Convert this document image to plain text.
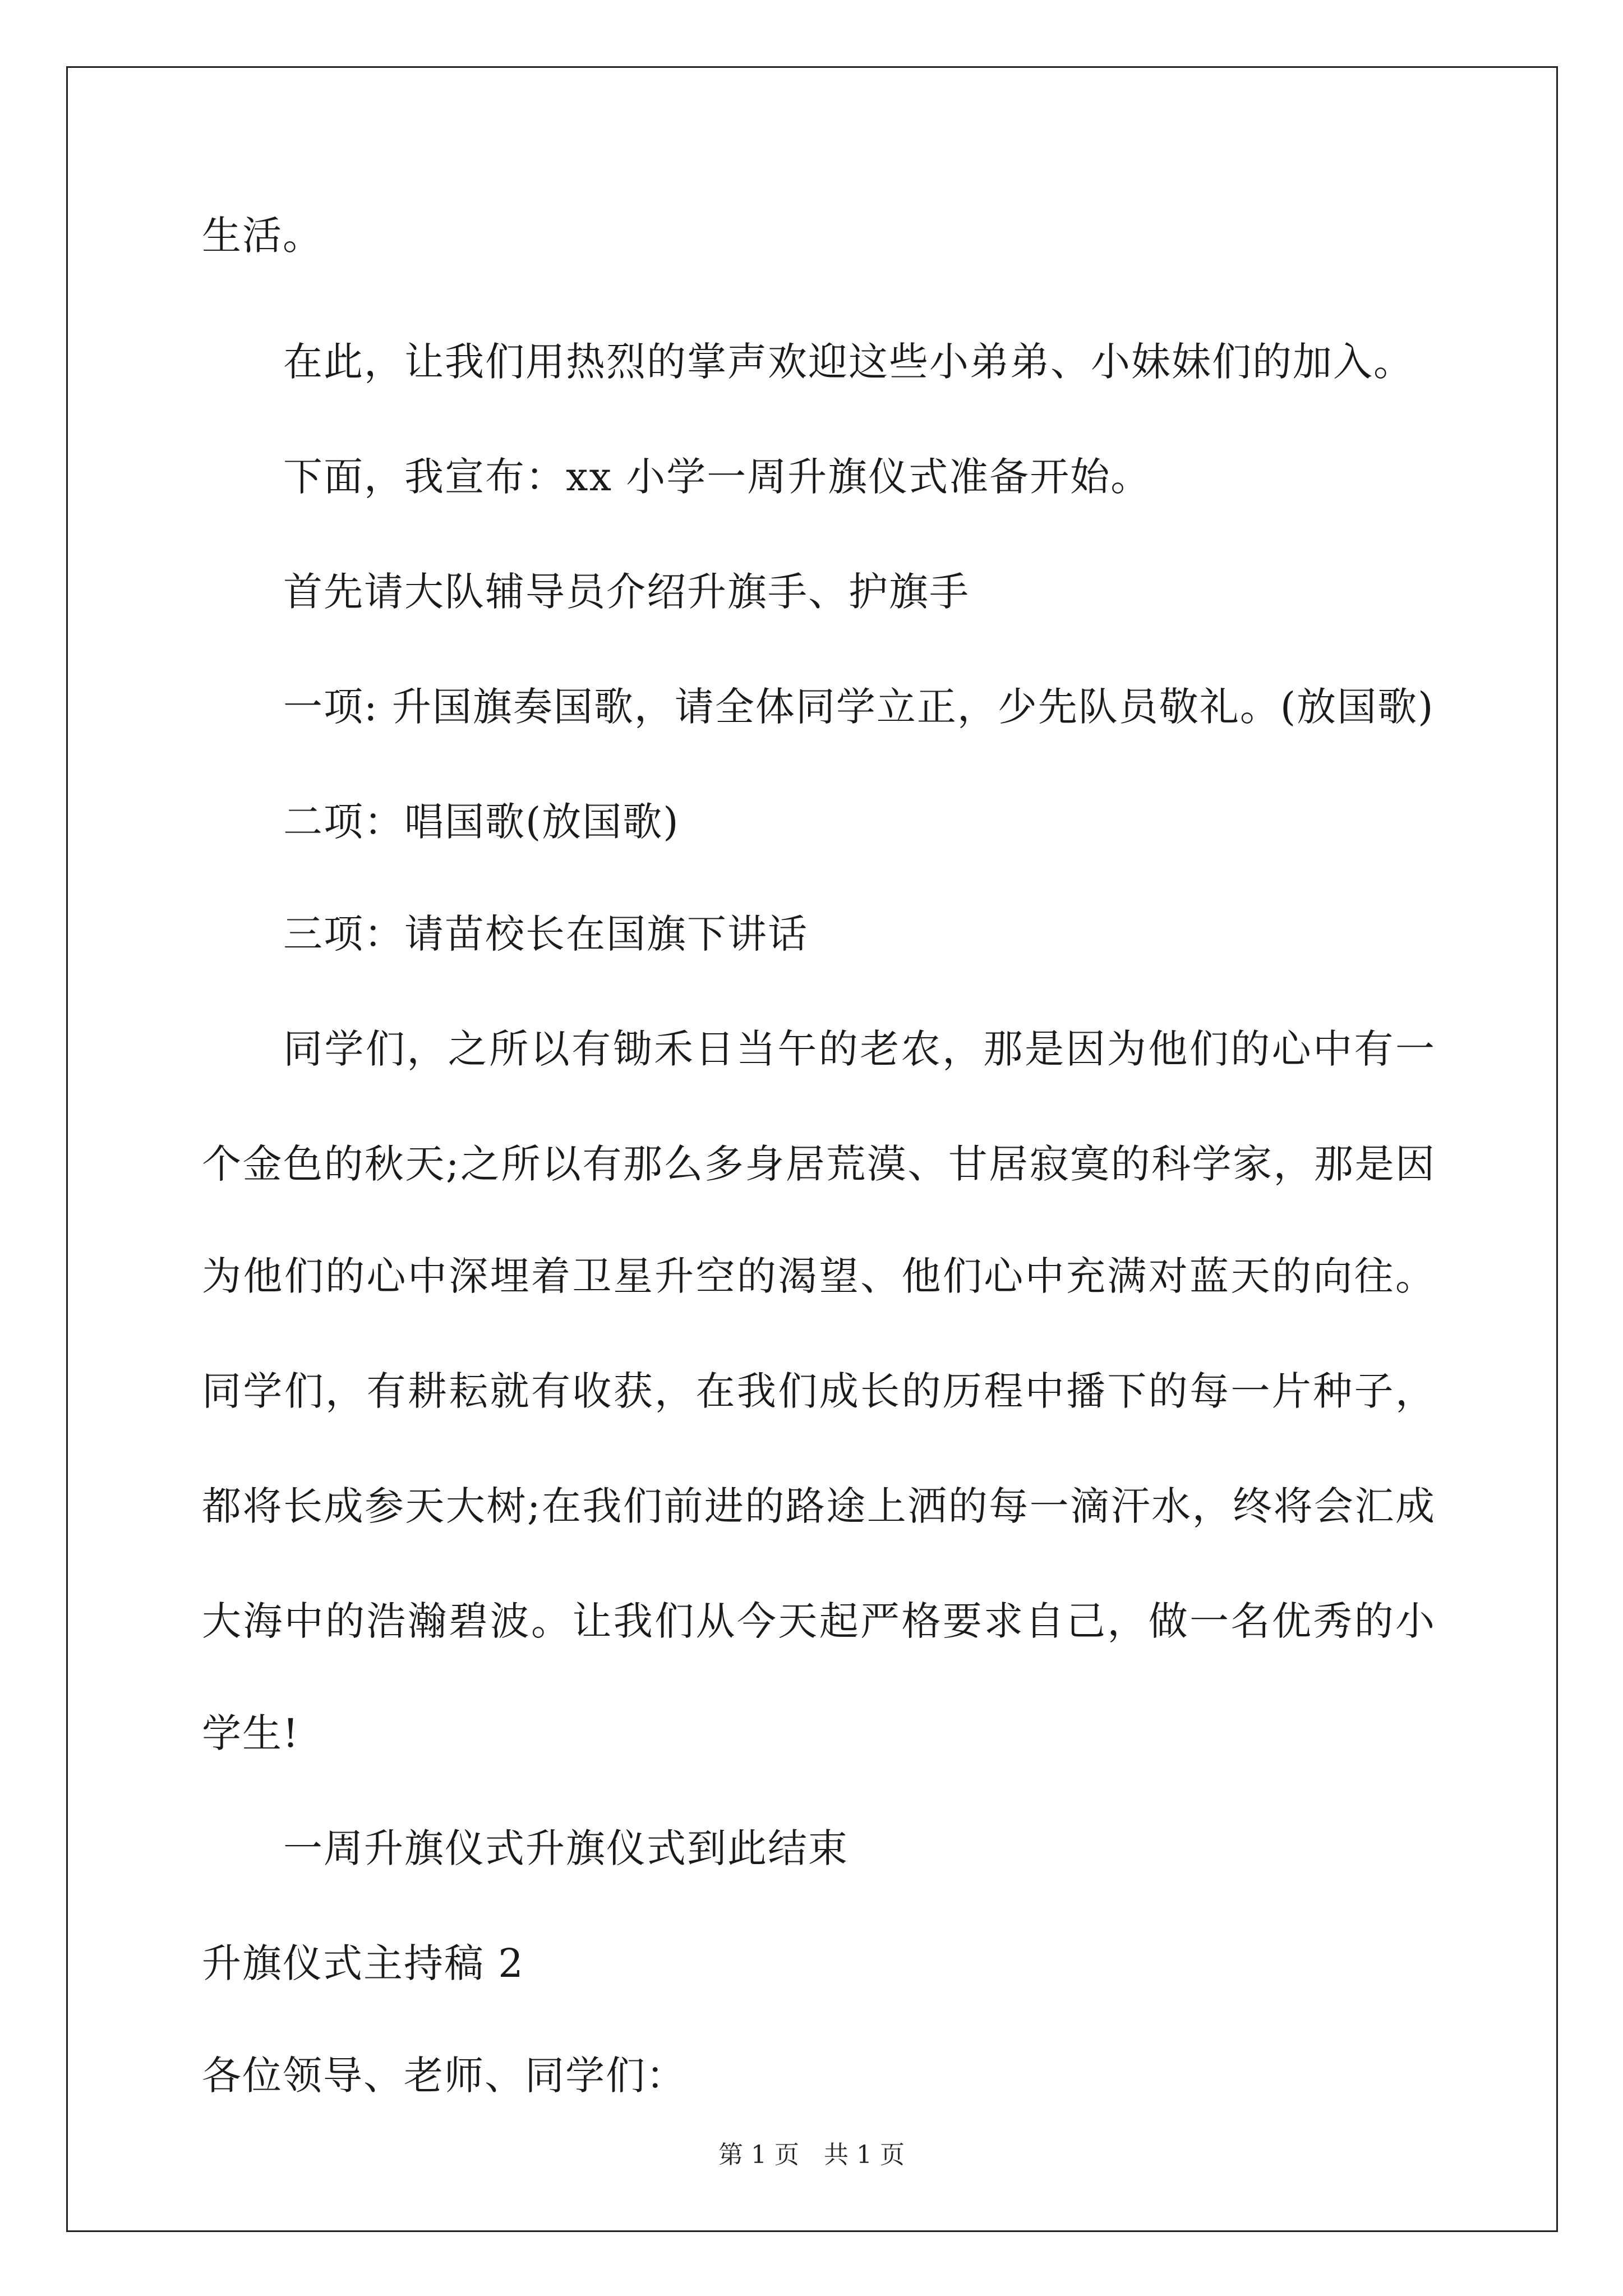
生活。
在此，让我们用热烈的掌声欢迎这些小弟弟、小妹妹们的加入。
下面，我宣布：xx 小学一周升旗仪式准备开始。
首先请大队辅导员介绍升旗手、护旗手
一项: 升国旗奏国歌，请全体同学立正，少先队员敬礼。(放国歌)
二项：唱国歌(放国歌)
三项：请苗校长在国旗下讲话
同学们，之所以有锄禾日当午的老农，那是因为他们的心中有一
个金色的秋天;之所以有那么多身居荒漠、甘居寂寞的科学家，那是因
为他们的心中深埋着卫星升空的渴望、他们心中充满对蓝天的向往。
同学们，有耕耘就有收获，在我们成长的历程中播下的每一片种子，
都将长成参天大树;在我们前进的路途上洒的每一滴汗水，终将会汇成
大海中的浩瀚碧波。让我们从今天起严格要求自己，做一名优秀的小
学生!
一周升旗仪式升旗仪式到此结束
升旗仪式主持稿 2
各位领导、老师、同学们：
第 1 页　共 1 页
